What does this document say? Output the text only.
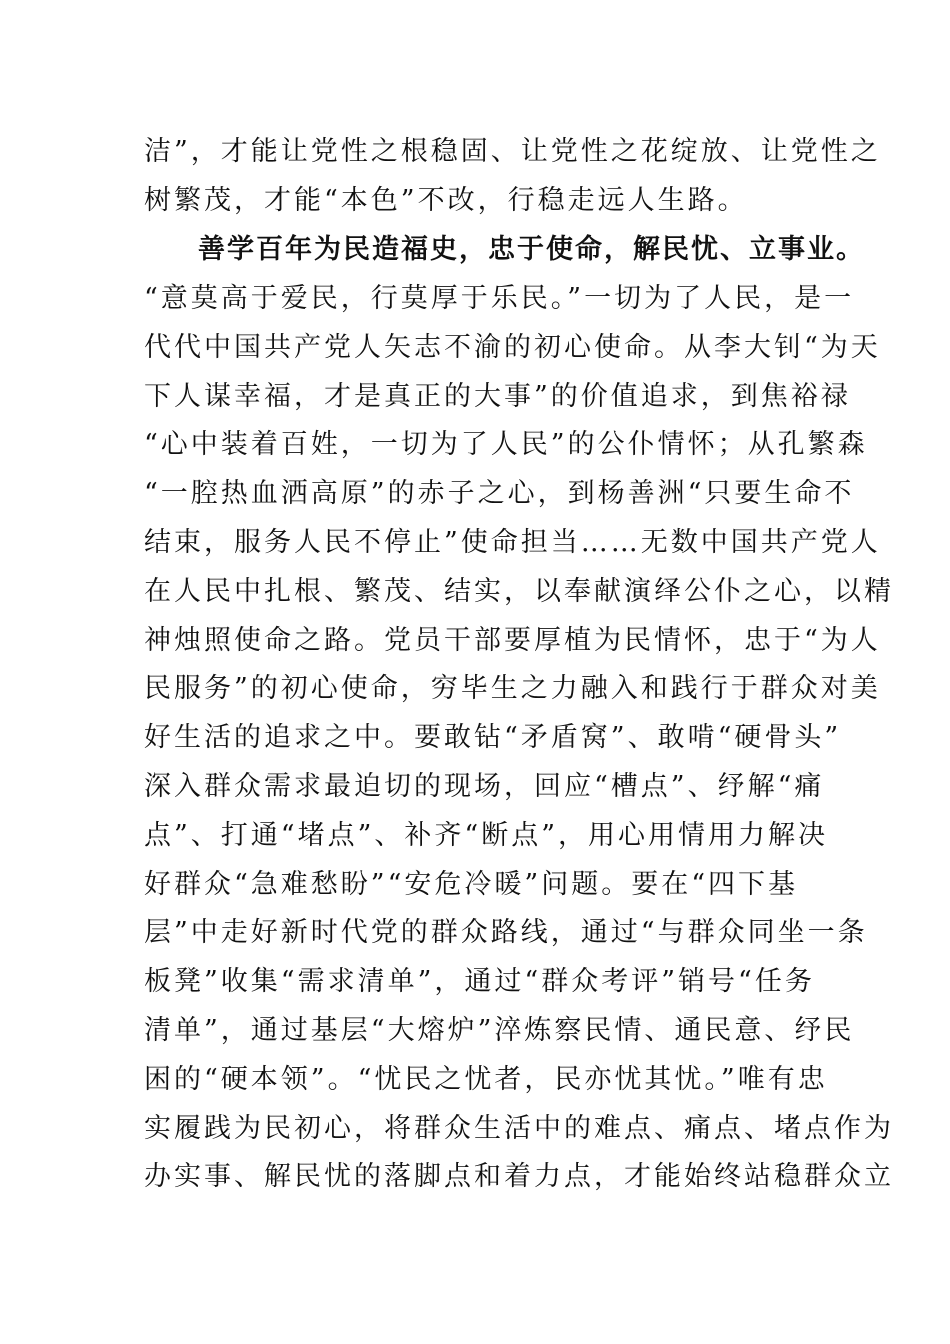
洁”，才能让党性之根稳固、让党性之花绽放、让党性之
树繁茂，才能“本色”不改，行稳走远人生路。
善学百年为民造福史，忠于使命，解民忧、立事业。
“意莫高于爱民，行莫厚于乐民。”一切为了人民，是一
代代中国共产党人矢志不渝的初心使命。从李大钊“为天
下人谋幸福，才是真正的大事”的价值追求，到焦裕禄
“心中装着百姓，一切为了人民”的公仆情怀；从孔繁森
“一腔热血洒高原”的赤子之心，到杨善洲“只要生命不
结束，服务人民不停止”使命担当……无数中国共产党人
在人民中扎根、繁茂、结实，以奉献演绎公仆之心，以精
神烛照使命之路。党员干部要厚植为民情怀，忠于“为人
民服务”的初心使命，穷毕生之力融入和践行于群众对美
好生活的追求之中。要敢钻“矛盾窝”、敢啃“硬骨头”
深入群众需求最迫切的现场，回应“槽点”、纾解“痛
点”、打通“堵点”、补齐“断点”，用心用情用力解决
好群众“急难愁盼”“安危冷暖”问题。要在“四下基
层”中走好新时代党的群众路线，通过“与群众同坐一条
板凳”收集“需求清单”，通过“群众考评”销号“任务
清单”，通过基层“大熔炉”淬炼察民情、通民意、纾民
困的“硬本领”。“忧民之忧者，民亦忧其忧。”唯有忠
实履践为民初心，将群众生活中的难点、痛点、堵点作为
办实事、解民忧的落脚点和着力点，才能始终站稳群众立
